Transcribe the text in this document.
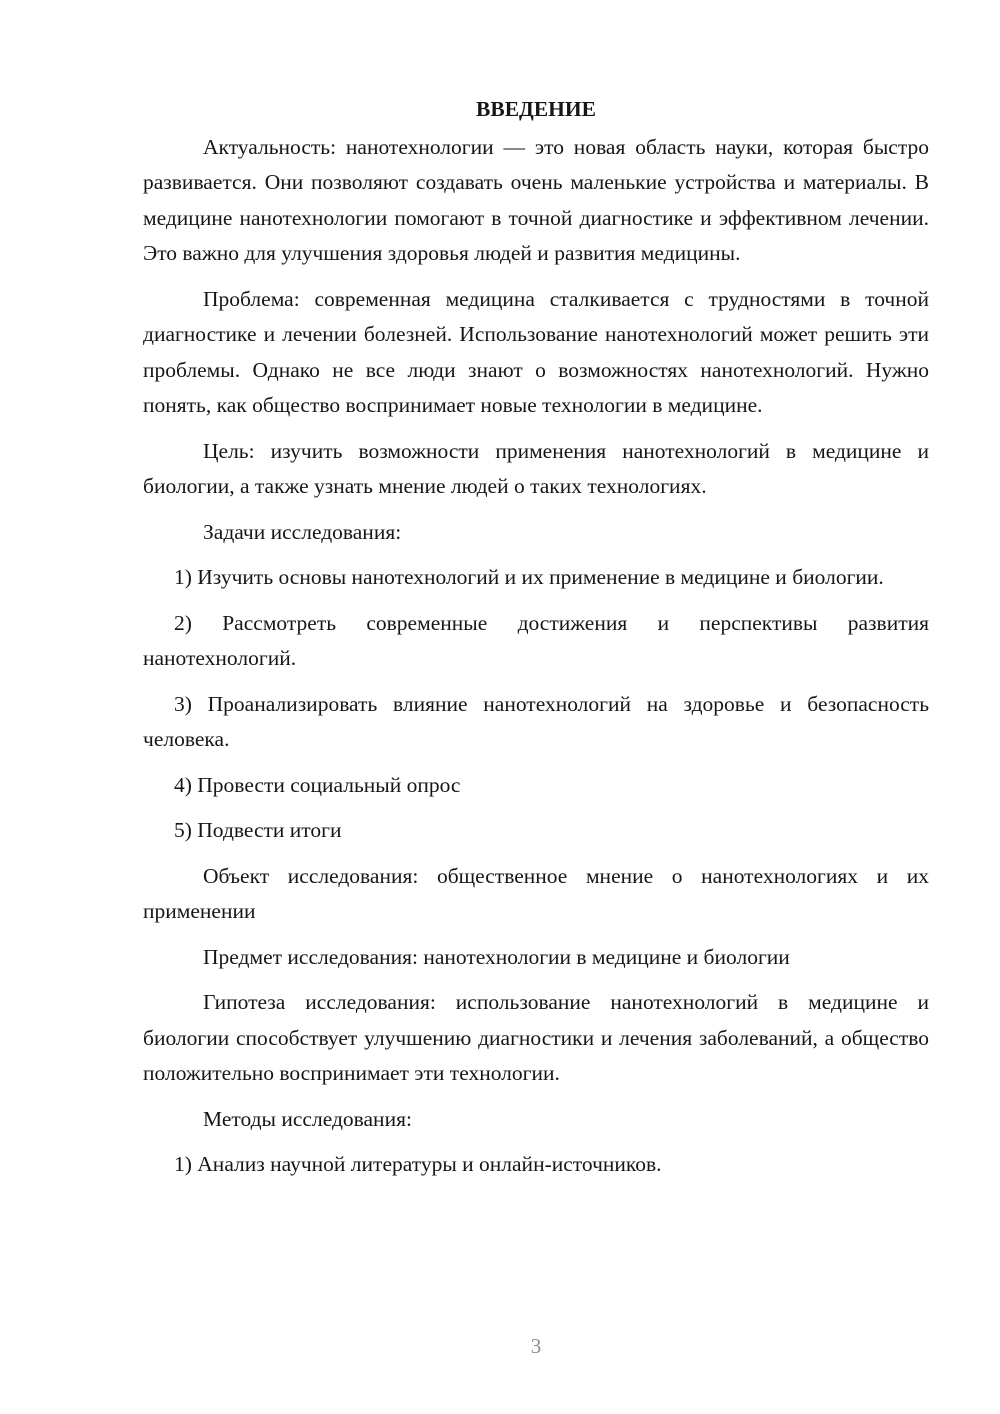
ВВЕДЕНИЕ

Актуальность: нанотехнологии — это новая область науки, которая быстро развивается. Они позволяют создавать очень маленькие устройства и материалы. В медицине нанотехнологии помогают в точной диагностике и эффективном лечении. Это важно для улучшения здоровья людей и развития медицины.

Проблема: современная медицина сталкивается с трудностями в точной диагностике и лечении болезней. Использование нанотехнологий может решить эти проблемы. Однако не все люди знают о возможностях нанотехнологий. Нужно понять, как общество воспринимает новые технологии в медицине.

Цель: изучить возможности применения нанотехнологий в медицине и биологии, а также узнать мнение людей о таких технологиях.

Задачи исследования:

1) Изучить основы нанотехнологий и их применение в медицине и биологии.

2) Рассмотреть современные достижения и перспективы развития нанотехнологий.

3) Проанализировать влияние нанотехнологий на здоровье и безопасность человека.

4) Провести социальный опрос

5) Подвести итоги

Объект исследования: общественное мнение о нанотехнологиях и их применении

Предмет исследования: нанотехнологии в медицине и биологии

Гипотеза исследования: использование нанотехнологий в медицине и биологии способствует улучшению диагностики и лечения заболеваний, а общество положительно воспринимает эти технологии.

Методы исследования:

1) Анализ научной литературы и онлайн-источников.

3
